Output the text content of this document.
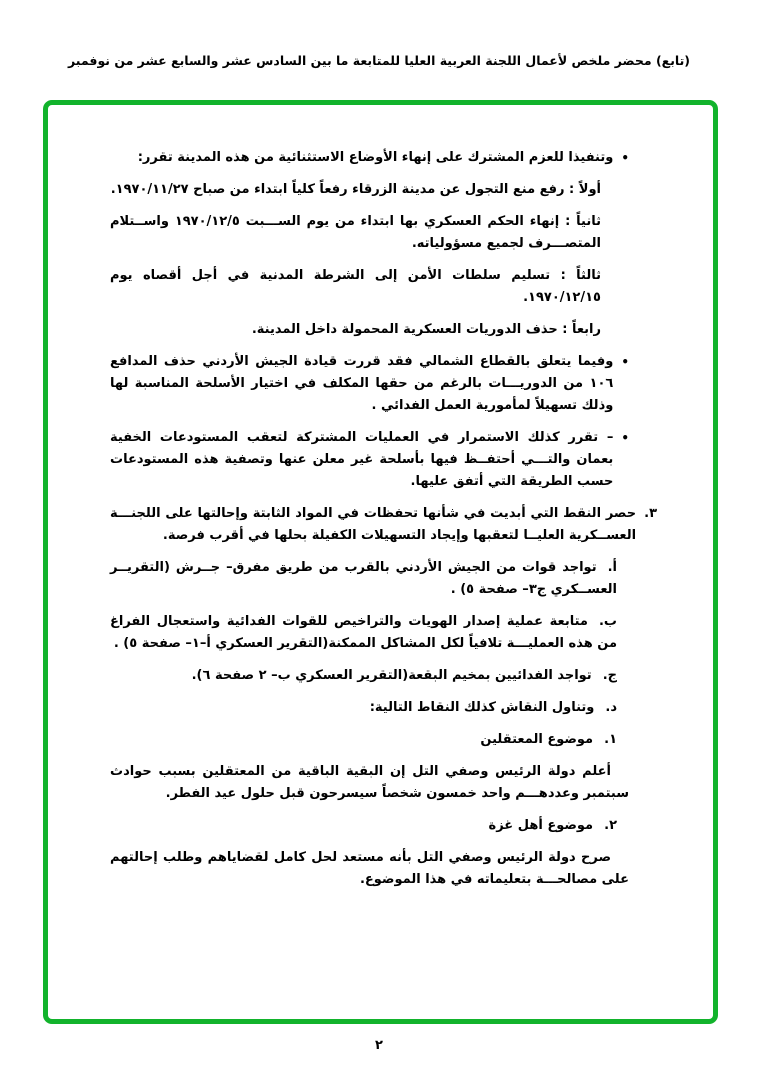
(تابع) محضر ملخص لأعمال اللجنة العربية العليا للمتابعة ما بين السادس عشر والسابع عشر من نوفمبر
•
وتنفيذا للعزم المشترك على إنهاء الأوضاع الاستثنائية من هذه المدينة تقرر:
أولاً : رفع منع التجول عن مدينة الزرقاء رفعاً كلياً ابتداء من صباح ١٩٧٠/١١/٢٧.
ثانياً : إنهاء الحكم العسكري بها ابتداء من يوم الســـبت ١٩٧٠/١٢/٥ واســتلام المتصـــرف لجميع مسؤولياته.
ثالثاً : تسليم سلطات الأمن إلى الشرطة المدنية في أجل أقصاه يوم ١٩٧٠/١٢/١٥.
رابعاً : حذف الدوريات العسكرية المحمولة داخل المدينة.
•
وفيما يتعلق بالقطاع الشمالي فقد قررت قيادة الجيش الأردني حذف المدافع ١٠٦ من الدوريـــات بالرغم من حقها المكلف في اختيار الأسلحة المناسبة لها وذلك تسهيلاً لمأمورية العمل الفدائي .
•
– تقرر كذلك الاستمرار في العمليات المشتركة لتعقب المستودعات الخفية بعمان والتـــي أحتفــظ فيها بأسلحة غير معلن عنها وتصفية هذه المستودعات حسب الطريقة التي أتفق عليها.
٣.
حصر النقط التي أبديت في شأنها تحفظات في المواد الثابتة وإحالتها على اللجنـــة العســكرية العليــا لتعقبها وإيجاد التسهيلات الكفيلة بحلها في أقرب فرصة.
أ.تواجد قوات من الجيش الأردني بالقرب من طريق مفرق– جــرش (التقريــر العســكري ج٣– صفحة ٥) .
ب.متابعة عملية إصدار الهويات والتراخيص للقوات الفدائية واستعجال الفراغ من هذه العمليـــة تلافياً لكل المشاكل الممكنة(التقرير العسكري أ–١– صفحة ٥) .
ج.تواجد الفدائيين بمخيم البقعة(التقرير العسكري ب– ٢ صفحة ٦).
د.وتناول النقاش كذلك النقاط التالية:
١.موضوع المعتقلين
أعلم دولة الرئيس وصفي التل إن البقية الباقية من المعتقلين بسبب حوادث سبتمبر وعددهـــم واحد خمسون شخصاً سيسرحون قبل حلول عيد الفطر.
٢.موضوع أهل غزة
صرح دولة الرئيس وصفي التل بأنه مستعد لحل كامل لقضاياهم وطلب إحالتهم على مصالحـــة بتعليماته في هذا الموضوع.
٢
